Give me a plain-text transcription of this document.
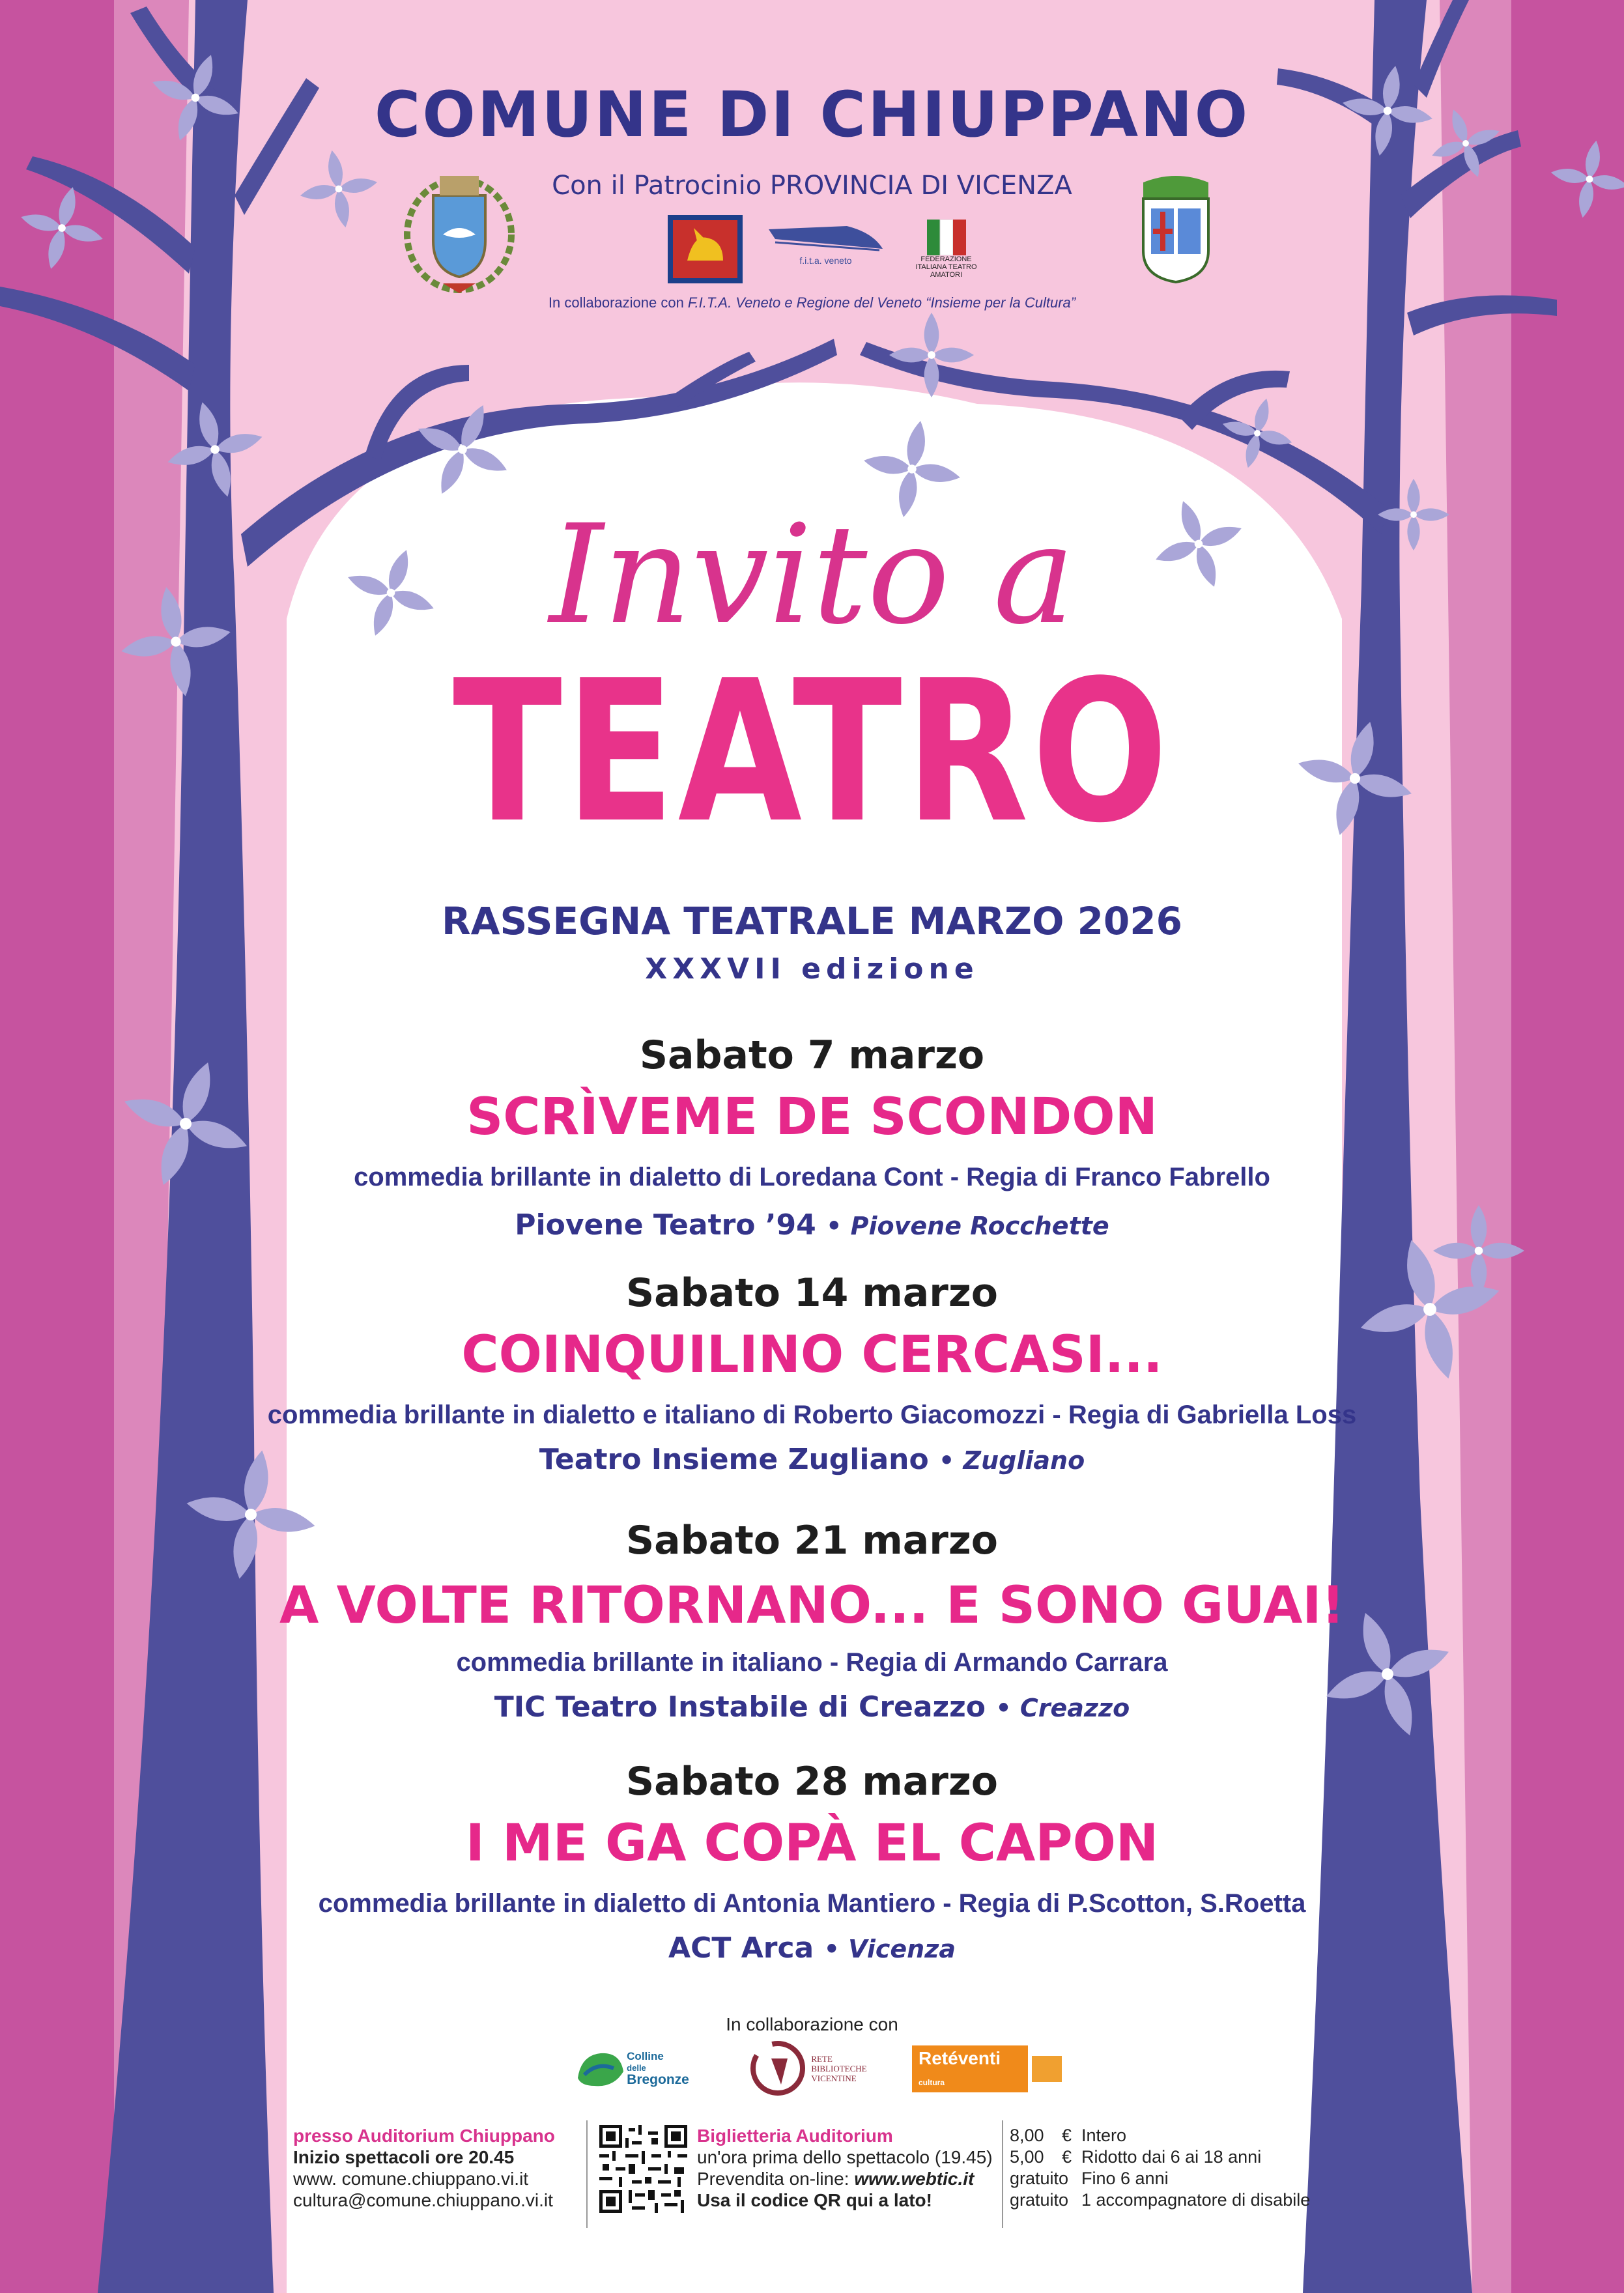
COMUNE DI CHIUPPANO
Con il Patrocinio PROVINCIA DI VICENZA
f.i.t.a. veneto	FEDERAZIONE ITALIANA TEATRO AMATORI
In collaborazione con F.I.T.A. Veneto e Regione del Veneto “Insieme per la Cultura”
Invito a
TEATRO
RASSEGNA TEATRALE MARZO 2026
XXXVII edizione
Sabato 7 marzo
SCRÌVEME DE SCONDON
commedia brillante in dialetto di Loredana Cont - Regia di Franco Fabrello
Piovene Teatro ’94 • Piovene Rocchette
Sabato 14 marzo
COINQUILINO CERCASI...
commedia brillante in dialetto e italiano di Roberto Giacomozzi - Regia di Gabriella Loss
Teatro Insieme Zugliano • Zugliano
Sabato 21 marzo
A VOLTE RITORNANO... E SONO GUAI!
commedia brillante in italiano - Regia di Armando Carrara
TIC Teatro Instabile di Creazzo • Creazzo
Sabato 28 marzo
I ME GA COPÀ EL CAPON
commedia brillante in dialetto di Antonia Mantiero - Regia di P.Scotton, S.Roetta
ACT Arca • Vicenza
In collaborazione con
Colline
delle
Bregonze
RETE
BIBLIOTECHE
VICENTINE
Retéventi cultura
presso Auditorium Chiuppano
Inizio spettacoli ore 20.45
www. comune.chiuppano.vi.it
cultura@comune.chiuppano.vi.it
Biglietteria Auditorium
un'ora prima dello spettacolo (19.45)
Prevendita on-line: www.webtic.it
Usa il codice QR qui a lato!
8,00	€ Intero
5,00	€ Ridotto dai 6 ai 18 anni
gratuito Fino 6 anni
gratuito 1 accompagnatore di disabile
